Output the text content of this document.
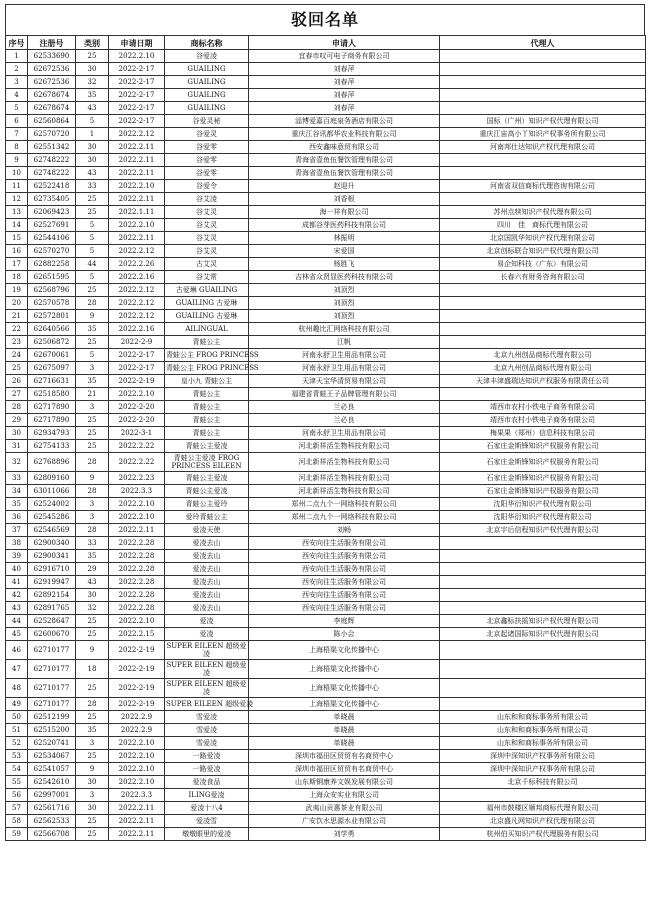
驳回名单
序号	注册号	类别	申请日期	商标名称	申请人	代理人
1	62533690	25	2022.2.10	谷爱凌	宜春市叹可电子商务有限公司	
2	62672536	30	2022-2-17	GUAILING	刘春萍	
3	62672536	32	2022-2-17	GUAILING	刘春萍	
4	62678674	35	2022-2-17	GUAILING	刘春萍	
5	62678674	43	2022-2-17	GUAILING	刘春萍	
6	62560864	5	2022-2-17	谷爱灵秘	淄博爱嘉百庭泉务酒店有限公司	国标（广州）知识产权代理有限公司
7	62570720	1	2022.2.12	谷爱灵	重庆江谷讯都华农业科技有限公司	重庆江宙高小丫知识产权事务所有限公司
8	62551342	30	2022.2.11	谷爱零	西安鑫味意贸有限公司	河南邦仕达知识产权代理有限公司
9	62748222	30	2022.2.11	谷爱零	青海省壹鱼伍餐饮管理有限公司	
10	62748222	43	2022.2.11	谷爱零	青海省壹鱼伍餐饮管理有限公司	
11	62522418	33	2022.2.10	谷爱令	赵迎升	河南省双信商标代理咨询有限公司
12	62735405	25	2022.2.11	谷艾凌	刘香根	
13	62069423	25	2022.1.11	谷艾灵	海一祥有限公司	苏州点犊知识产权代理有限公司
14	62527691	5	2022.2.10	谷艾灵	成都谷芽医药科技有限公司	四川　佳　商标代理有限公司
15	62544106	5	2022.2.11	谷艾灵	林振明	北京国凯华知识产权代理有限公司
16	62570270	5	2022.2.12	谷艾灵	宋爱国	北京创标联合知识产权代理有限公司
17	62882258	44	2022.2.26	古艾灵	杨胜飞	易企知科技（广东）有限公司
18	62651595	5	2022.2.16	谷艾常	吉林省众贤显医药科技有限公司	长春六有财务咨询有限公司
19	62568796	25	2022.2.12	古爱琳 GUAILING	刘顶烈	
20	62570578	28	2022.2.12	GUAILING 古爱琳	刘顶烈	
21	62572801	9	2022.2.12	GUAILING 古爱琳	刘顶烈	
22	62640566	35	2022.2.16	AILINGUAL	杭州趣比汇网络科技有限公司	
23	62506872	25	2022-2-9	青蛙公主	江帆	
24	62670061	5	2022-2-17	青蛙公主 FROG PRINCESS	河南永舒卫生用品有限公司	北京九州创品商标代理有限公司
25	62675097	3	2022-2-17	青蛙公主 FROG PRINCESS	河南永舒卫生用品有限公司	北京九州创品商标代理有限公司
26	62716631	35	2022-2-19	皇小九 青蛙公主	天津天宝华清贸易有限公司	天津丰津盛瑞达知识产权服务有限责任公司
27	62518580	21	2022.2.10	青蛙公主	福建省青蛙王子品牌管理有限公司	
28	62717890	3	2022-2-20	青蛙公主	兰必良	靖西市农村小铁电子商务有限公司
29	62717890	25	2022-2-20	青蛙公主	兰必良	靖西市农村小铁电子商务有限公司
30	62934793	25	2022-3-1	青蛙公主	河南永舒卫生用品有限公司	梅果果（郑州）信息科技有限公司
31	62754133	25	2022.2.22	青蛙公主爱凌	河北新祥活生物科技有限公司	石家庄金斯锋知识产权服务有限公司
32	62768896	28	2022.2.22	青蛙公主爱凌 FROG PRINCESS EILEEN	河北新祥活生物科技有限公司	石家庄金斯锋知识产权服务有限公司
33	62809160	9	2022.2.23	青蛙公主爱凌	河北新祥活生物科技有限公司	石家庄金斯锋知识产权服务有限公司
34	63011066	28	2022.3.3	青蛙公主爱凌	河北新祥活生物科技有限公司	石家庄金斯锋知识产权服务有限公司
35	62524002	3	2022.2.10	青蛙公主爱玲	郑州二点九个一网络科技有限公司	沈阳华衍知识产权代理有限公司
36	62545286	3	2022.2.10	爱玲青蛙公主	郑州二点九个一网络科技有限公司	沈阳华衍知识产权代理有限公司
37	62546569	28	2022.2.11	爱凌天使	刘畅	北京宇后信程知识产权代理有限公司
38	62900340	33	2022.2.28	爱凌去山	西安向往生活服务有限公司	
39	62900341	35	2022.2.28	爱凌去山	西安向往生活服务有限公司	
40	62916710	29	2022.2.28	爱凌去山	西安向往生活服务有限公司	
41	62919947	43	2022.2.28	爱凌去山	西安向往生活服务有限公司	
42	62892154	30	2022.2.28	爱凌去山	西安向往生活服务有限公司	
43	62891765	32	2022.2.28	爱凌去山	西安向往生活服务有限公司	
44	62528647	25	2022.2.10	爱凌	李庭辉	北京鑫标扶摇知识产权代理有限公司
45	62600670	25	2022.2.15	爱凌	陈小会	北京起诸国际知识产权代理有限公司
46	62710177	9	2022-2-19	SUPER EILEEN 超级爱凌	上海梧渠文化传播中心	
47	62710177	18	2022-2-19	SUPER EILEEN 超级爱凌	上海梧渠文化传播中心	
48	62710177	25	2022-2-19	SUPER EILEEN 超级爱凌	上海梧渠文化传播中心	
49	62710177	28	2022-2-19	SUPER EILEEN 超级爱凌	上海梧渠文化传播中心	
50	62512199	25	2022.2.9	雪爱凌	单晓晨	山东和和商标事务所有限公司
51	62515200	35	2022.2.9	雪爱凌	单晓晨	山东和和商标事务所有限公司
52	62520741	3	2022.2.10	雪爱凌	单晓晨	山东和和商标事务所有限公司
53	62534067	25	2022.2.10	一路爱凌	深圳市福田区贸贸有名商贸中心	深圳中深知识产权事务所有限公司
54	62541057	9	2022.2.10	一路爱凌	深圳市福田区贸贸有名商贸中心	深圳中深知识产权事务所有限公司
55	62542610	30	2022.2.10	爱凌食品	山东斯铜康养文娱发展有限公司	北京千标科技有限公司
56	62997001	3	2022.3.3	ILING爱凌	上海众安实业有限公司	
57	62561716	30	2022.2.11	爱凌十八4	武夷山贡惠茶业有限公司	福州市鼓楼区顺邦商标代理有限公司
58	62562533	25	2022.2.11	爱凌雪	广安饮水思源水业有限公司	北京盛凡网知识产权代理有限公司
59	62566708	25	2022.2.11	墩墩眼里的爱凌	刘学勇	杭州伯买知识产权代理服务有限公司
